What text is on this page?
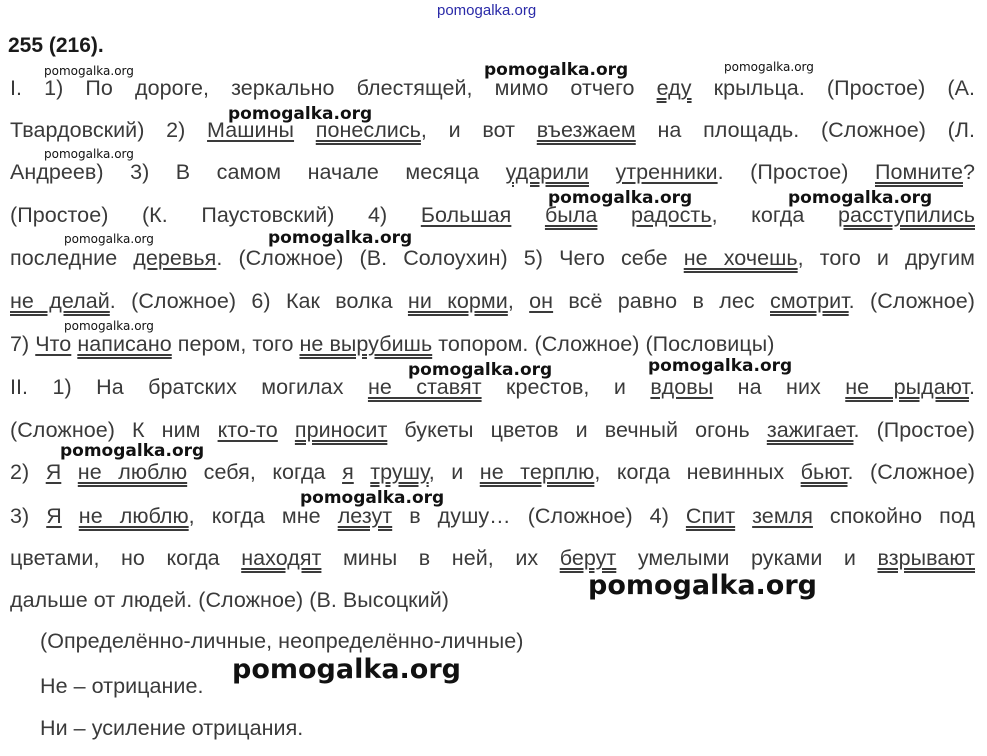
pomogalka.org
255 (216).
I. 1) По дороге, зеркально блестящей, мимо отчего еду крыльца. (Простое) (А.
Твардовский) 2) Машины понеслись, и вот въезжаем на площадь. (Сложное) (Л.
Андреев) 3) В самом начале месяца ударили утренники. (Простое) Помните?
(Простое) (К. Паустовский) 4) Большая была радость, когда расступились
последние деревья. (Сложное) (В. Солоухин) 5) Чего себе не хочешь, того и другим
не делай. (Сложное) 6) Как волка ни корми, он всё равно в лес смотрит. (Сложное)
7) Что написано пером, того не вырубишь топором. (Сложное) (Пословицы)
II. 1) На братских могилах не ставят крестов, и вдовы на них не рыдают.
(Сложное) К ним кто-то приносит букеты цветов и вечный огонь зажигает. (Простое)
2) Я не люблю себя, когда я трушу, и не терплю, когда невинных бьют. (Сложное)
3) Я не люблю, когда мне лезут в душу… (Сложное) 4) Спит земля спокойно под
цветами, но когда находят мины в ней, их берут умелыми руками и взрывают
дальше от людей. (Сложное) (В. Высоцкий)
(Определённо-личные, неопределённо-личные)
Не – отрицание.
Ни – усиление отрицания.
pomogalka.org	pomogalka.org	pomogalka.org
pomogalka.org
pomogalka.org
pomogalka.org	pomogalka.org
pomogalka.org	pomogalka.org
pomogalka.org
pomogalka.org	pomogalka.org
pomogalka.org
pomogalka.org
pomogalka.org
pomogalka.org
